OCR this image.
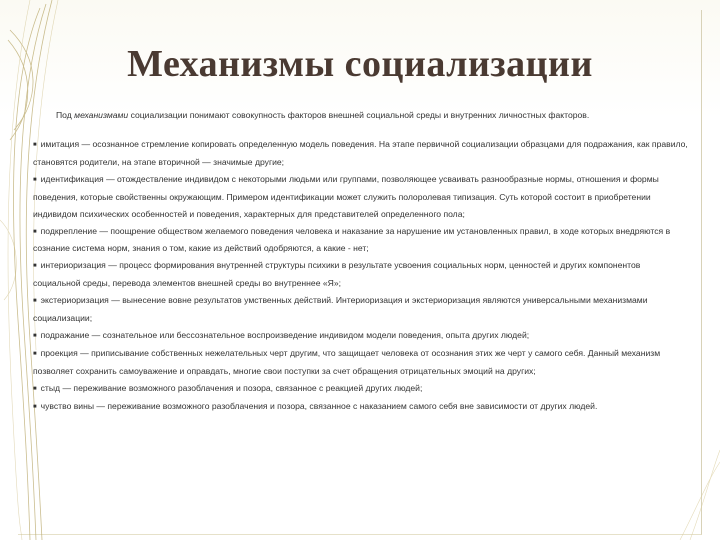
Механизмы социализации
Под механизмами социализации понимают совокупность факторов внешней социальной среды и внутренних личностных факторов.

■ имитация — осознанное стремление копировать определенную модель поведения. На этапе первичной социализации образцами для подражания, как правило, становятся родители, на этапе вторичной — значимые другие;

■ идентификация — отождествление индивидом с некоторыми людьми или группами, позволяющее усваивать разнообразные нормы, отношения и формы поведения, которые свойственны окружающим. Примером идентификации может служить полоролевая типизация. Суть которой состоит в приобретении индивидом психических особенностей и поведения, характерных для представителей определенного пола;

■ подкрепление — поощрение обществом желаемого поведения человека и наказание за нарушение им установленных правил, в ходе которых внедряются в сознание система норм, знания о том, какие из действий одобряются, а какие - нет;

■ интериоризация — процесс формирования внутренней структуры психики в результате усвоения социальных норм, ценностей и других компонентов социальной среды, перевода элементов внешней среды во внутреннее «Я»;

■ экстериоризация — вынесение вовне результатов умственных действий. Интериоризация и экстериоризация являются универсальными механизмами социализации;

■ подражание — сознательное или бессознательное воспроизведение индивидом модели поведения, опыта других людей;

■ проекция — приписывание собственных нежелательных черт другим, что защищает человека от осознания этих же черт у самого себя. Данный механизм позволяет сохранить самоуважение и оправдать, многие свои поступки за счет обращения отрицательных эмоций на других;

■ стыд — переживание возможного разоблачения и позора, связанное с реакцией других людей;

■ чувство вины — переживание возможного разоблачения и позора, связанное с наказанием самого себя вне зависимости от других людей.
